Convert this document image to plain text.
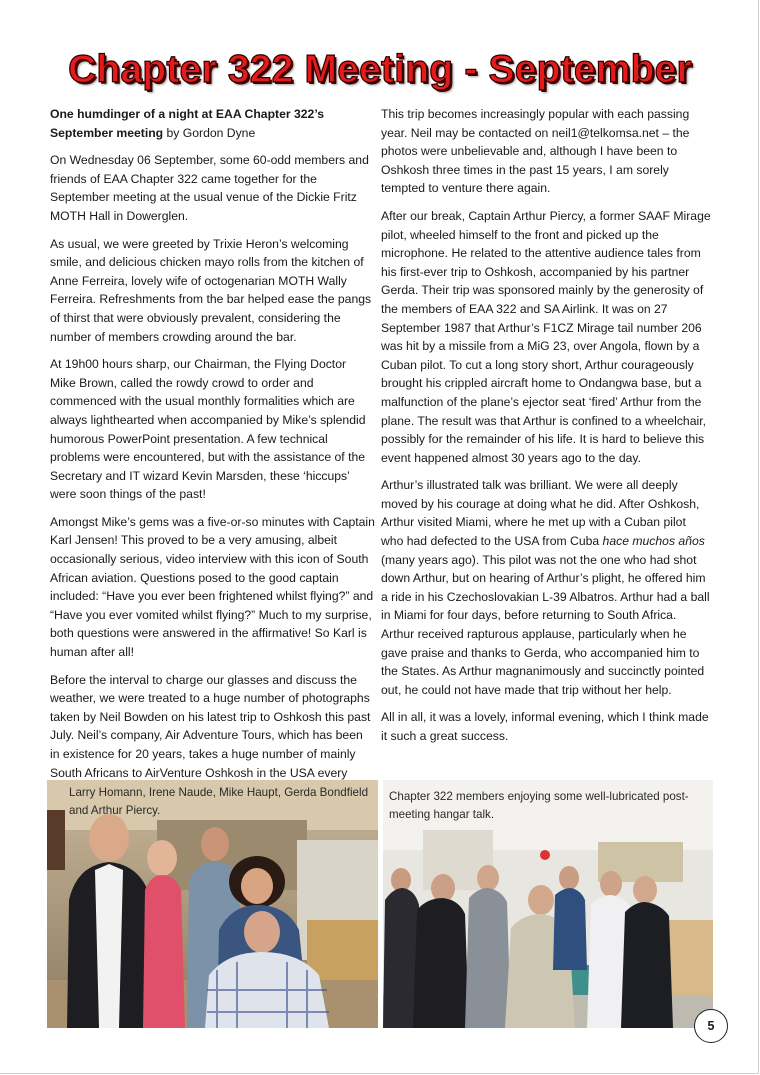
Chapter 322 Meeting - September

One humdinger of a night at EAA Chapter 322’s September meeting by Gordon Dyne

On Wednesday 06 September, some 60-odd members and friends of EAA Chapter 322 came together for the September meeting at the usual venue of the Dickie Fritz MOTH Hall in Dowerglen.

As usual, we were greeted by Trixie Heron’s welcoming smile, and delicious chicken mayo rolls from the kitchen of Anne Ferreira, lovely wife of octogenarian MOTH Wally Ferreira. Refreshments from the bar helped ease the pangs of thirst that were obviously prevalent, considering the number of members crowding around the bar.

At 19h00 hours sharp, our Chairman, the Flying Doctor Mike Brown, called the rowdy crowd to order and commenced with the usual monthly formalities which are always lighthearted when accompanied by Mike’s splendid humorous PowerPoint presentation. A few technical problems were encountered, but with the assistance of the Secretary and IT wizard Kevin Marsden, these ‘hiccups’ were soon things of the past!

Amongst Mike’s gems was a five-or-so minutes with Captain Karl Jensen! This proved to be a very amusing, albeit occasionally serious, video interview with this icon of South African aviation. Questions posed to the good captain included: “Have you ever been frightened whilst flying?” and “Have you ever vomited whilst flying?” Much to my surprise, both questions were answered in the affirmative! So Karl is human after all!

Before the interval to charge our glasses and discuss the weather, we were treated to a huge number of photographs taken by Neil Bowden on his latest trip to Oshkosh this past July. Neil’s company, Air Adventure Tours, which has been in existence for 20 years, takes a huge number of mainly South Africans to AirVenture Oshkosh in the USA every

This trip becomes increasingly popular with each passing year. Neil may be contacted on neil1@telkomsa.net – the photos were unbelievable and, although I have been to Oshkosh three times in the past 15 years, I am sorely tempted to venture there again.

After our break, Captain Arthur Piercy, a former SAAF Mirage pilot, wheeled himself to the front and picked up the microphone. He related to the attentive audience tales from his first-ever trip to Oshkosh, accompanied by his partner Gerda. Their trip was sponsored mainly by the generosity of the members of EAA 322 and SA Airlink. It was on 27 September 1987 that Arthur’s F1CZ Mirage tail number 206 was hit by a missile from a MiG 23, over Angola, flown by a Cuban pilot. To cut a long story short, Arthur courageously brought his crippled aircraft home to Ondangwa base, but a malfunction of the plane’s ejector seat ‘fired’ Arthur from the plane. The result was that Arthur is confined to a wheelchair, possibly for the remainder of his life. It is hard to believe this event happened almost 30 years ago to the day.

Arthur’s illustrated talk was brilliant. We were all deeply moved by his courage at doing what he did. After Oshkosh, Arthur visited Miami, where he met up with a Cuban pilot who had defected to the USA from Cuba hace muchos años (many years ago). This pilot was not the one who had shot down Arthur, but on hearing of Arthur’s plight, he offered him a ride in his Czechoslovakian L-39 Albatros. Arthur had a ball in Miami for four days, before returning to South Africa. Arthur received rapturous applause, particularly when he gave praise and thanks to Gerda, who accompanied him to the States. As Arthur magnanimously and succinctly pointed out, he could not have made that trip without her help.

All in all, it was a lovely, informal evening, which I think made it such a great success.

Larry Homann, Irene Naude, Mike Haupt, Gerda Bondfield and Arthur Piercy.
Chapter 322 members enjoying some well-lubricated post-meeting hangar talk.
5
